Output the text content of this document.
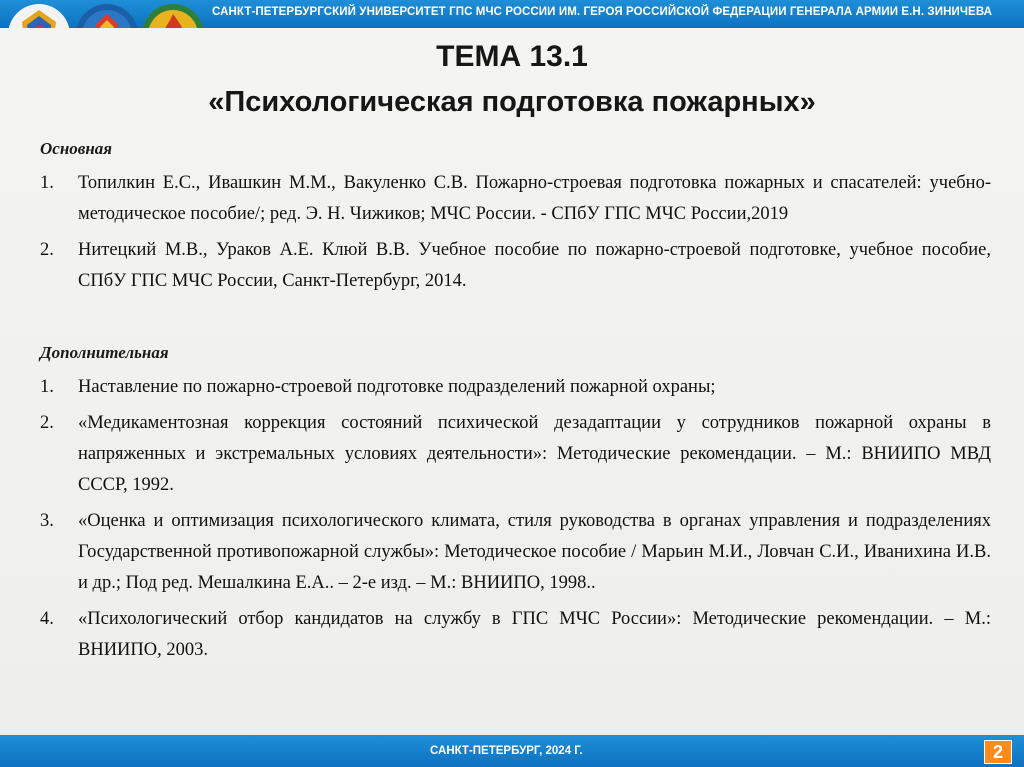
САНКТ-ПЕТЕРБУРГСКИЙ УНИВЕРСИТЕТ ГПС МЧС РОССИИ ИМ. ГЕРОЯ РОССИЙСКОЙ ФЕДЕРАЦИИ ГЕНЕРАЛА АРМИИ Е.Н. ЗИНИЧЕВА
ТЕМА 13.1
«Психологическая подготовка пожарных»
Основная
1. Топилкин Е.С., Ивашкин М.М., Вакуленко С.В. Пожарно-строевая подготовка пожарных и спасателей: учебно-методическое пособие/; ред. Э. Н. Чижиков; МЧС России. - СПбУ ГПС МЧС России,2019
2. Нитецкий М.В., Ураков А.Е. Клюй В.В. Учебное пособие по пожарно-строевой подготовке, учебное пособие, СПбУ ГПС МЧС России, Санкт-Петербург, 2014.
Дополнительная
1. Наставление по пожарно-строевой подготовке подразделений пожарной охраны;
2. «Медикаментозная коррекция состояний психической дезадаптации у сотрудников пожарной охраны в напряженных и экстремальных условиях деятельности»: Методические рекомендации. – М.: ВНИИПО МВД СССР, 1992.
3. «Оценка и оптимизация психологического климата, стиля руководства в органах управления и подразделениях Государственной противопожарной службы»: Методическое пособие / Марьин М.И., Ловчан С.И., Иванихина И.В. и др.; Под ред. Мешалкина Е.А.. – 2-е изд. – М.: ВНИИПО, 1998..
4. «Психологический отбор кандидатов на службу в ГПС МЧС России»: Методические рекомендации. – М.: ВНИИПО, 2003.
САНКТ-ПЕТЕРБУРГ, 2024 Г.	2
